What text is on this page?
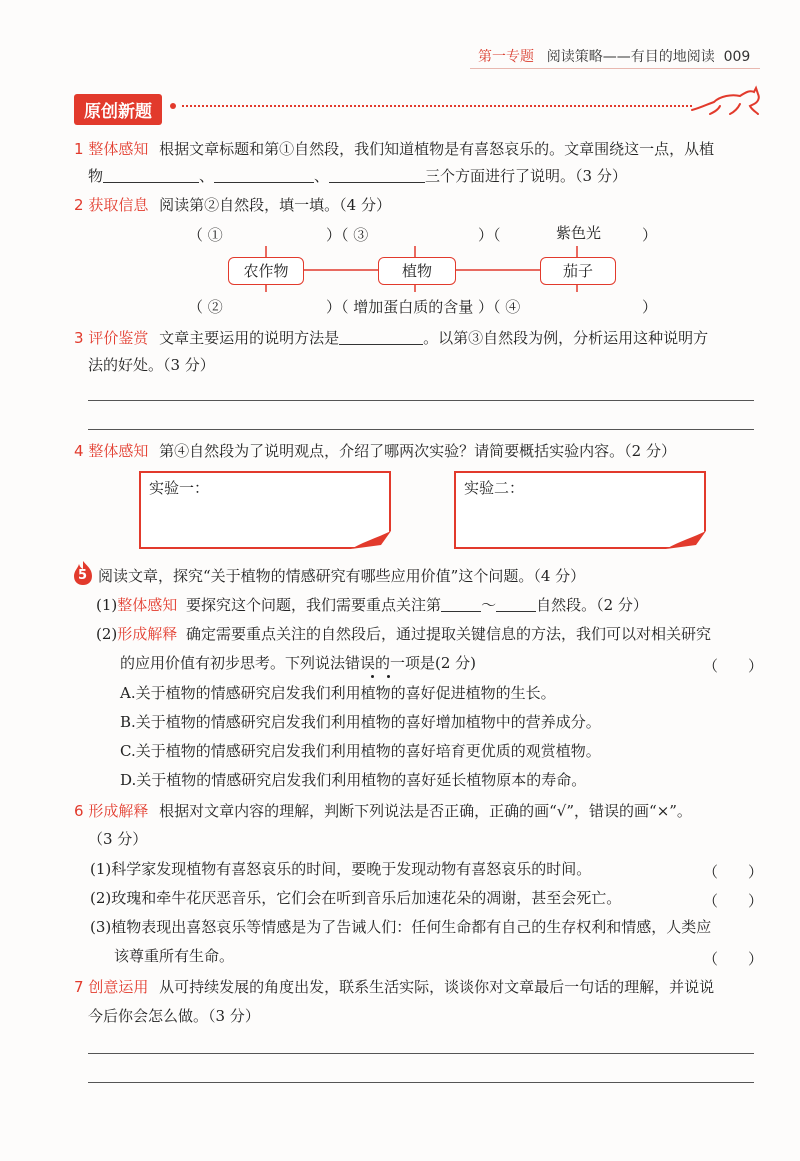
第一专题 阅读策略——有目的地阅读 009
原创新题
1 整体感知 根据文章标题和第①自然段，我们知道植物是有喜怒哀乐的。文章围绕这一点，从植
物	、	、	三个方面进行了说明。（3 分）
2 获取信息 阅读第②自然段，填一填。（4 分）
（ ①	）（ ③	）（	紫色光	）
农作物	植物	茄子
（ ②	）（ 增加蛋白质的含量 ）（ ④	）
3 评价鉴赏 文章主要运用的说明方法是	。以第③自然段为例，分析运用这种说明方
法的好处。（3 分）
4 整体感知 第④自然段为了说明观点，介绍了哪两次实验？请简要概括实验内容。（2 分）
实验一：	实验二：
5 阅读文章，探究“关于植物的情感研究有哪些应用价值”这个问题。（4 分）
(1)整体感知 要探究这个问题，我们需要重点关注第	～	自然段。（2 分）
(2)形成解释 确定需要重点关注的自然段后，通过提取关键信息的方法，我们可以对相关研究
的应用价值有初步思考。下列说法错误的一项是(2 分)	（　　）
A.关于植物的情感研究启发我们利用植物的喜好促进植物的生长。
B.关于植物的情感研究启发我们利用植物的喜好增加植物中的营养成分。
C.关于植物的情感研究启发我们利用植物的喜好培育更优质的观赏植物。
D.关于植物的情感研究启发我们利用植物的喜好延长植物原本的寿命。
6 形成解释 根据对文章内容的理解，判断下列说法是否正确，正确的画“√”，错误的画“×”。
（3 分）
(1)科学家发现植物有喜怒哀乐的时间，要晚于发现动物有喜怒哀乐的时间。	（　　）
(2)玫瑰和牵牛花厌恶音乐，它们会在听到音乐后加速花朵的凋谢，甚至会死亡。	（　　）
(3)植物表现出喜怒哀乐等情感是为了告诫人们：任何生命都有自己的生存权利和情感，人类应
该尊重所有生命。	（　　）
7 创意运用 从可持续发展的角度出发，联系生活实际，谈谈你对文章最后一句话的理解，并说说
今后你会怎么做。（3 分）
